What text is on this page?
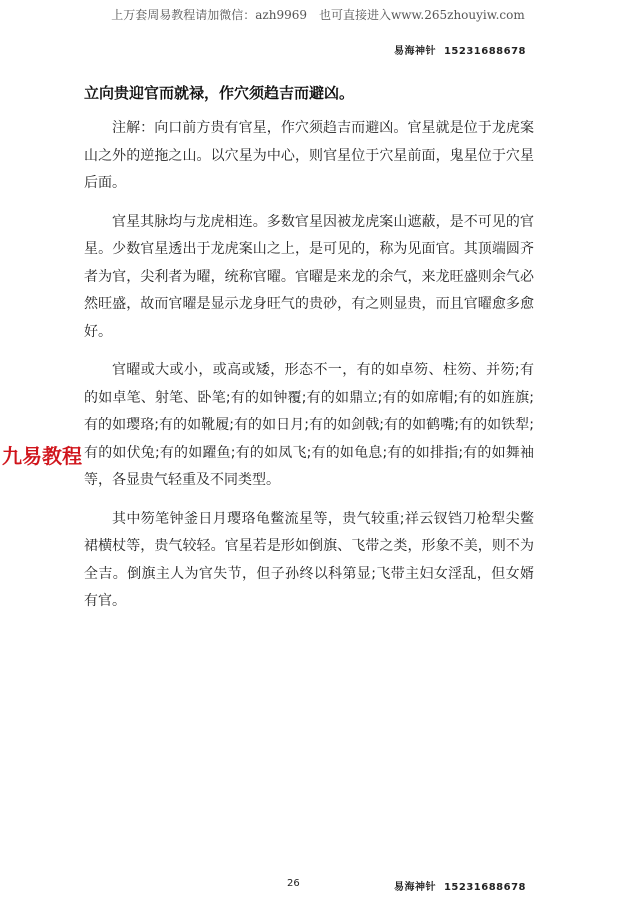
上万套周易教程请加微信：azh9969　也可直接进入www.265zhouyiw.com
易海神针 15231688678
立向贵迎官而就禄，作穴须趋吉而避凶。

注解：向口前方贵有官星，作穴须趋吉而避凶。官星就是位于龙虎案山之外的逆拖之山。以穴星为中心，则官星位于穴星前面，鬼星位于穴星后面。

官星其脉均与龙虎相连。多数官星因被龙虎案山遮蔽，是不可见的官星。少数官星透出于龙虎案山之上，是可见的，称为见面官。其顶端圆齐者为官，尖利者为曜，统称官曜。官曜是来龙的余气，来龙旺盛则余气必然旺盛，故而官曜是显示龙身旺气的贵砂，有之则显贵，而且官曜愈多愈好。

官曜或大或小，或高或矮，形态不一，有的如卓笏、柱笏、并笏;有的如卓笔、射笔、卧笔;有的如钟覆;有的如鼎立;有的如席帽;有的如旌旗;有的如璎珞;有的如靴履;有的如日月;有的如剑戟;有的如鹤嘴;有的如铁犁;有的如伏兔;有的如躍鱼;有的如凤飞;有的如龟息;有的如排指;有的如舞袖等，各显贵气轻重及不同类型。

其中笏笔钟釜日月璎珞龟鳖流星等，贵气较重;祥云钗铛刀枪犁尖鳖裙横杖等，贵气较轻。官星若是形如倒旗、飞带之类，形象不美，则不为全吉。倒旗主人为官失节，但子孙终以科第显;飞带主妇女淫乱，但女婿有官。

九易教程
26	易海神针 15231688678
